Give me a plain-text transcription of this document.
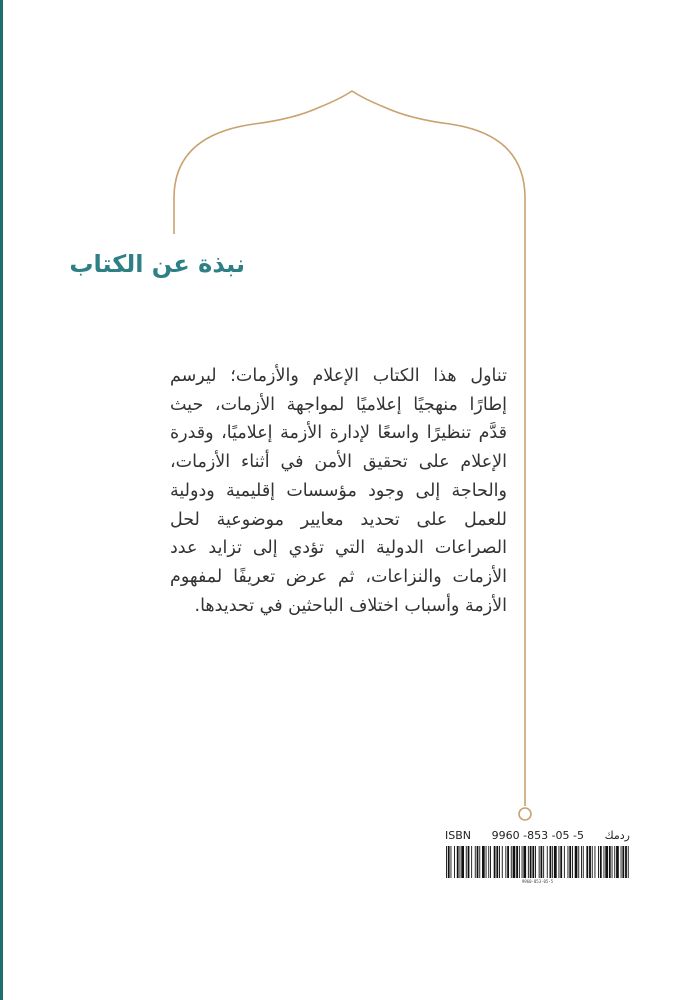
نبذة عن الكتاب
تناول هذا الكتاب الإعلام والأزمات؛ ليرسم إطارًا منهجيًا إعلاميًا لمواجهة الأزمات، حيث قدَّم تنظيرًا واسعًا لإدارة الأزمة إعلاميًا، وقدرة الإعلام على تحقيق الأمن في أثناء الأزمات، والحاجة إلى وجود مؤسسات إقليمية ودولية للعمل على تحديد معايير موضوعية لحل الصراعات الدولية التي تؤدي إلى تزايد عدد الأزمات والنزاعات، ثم عرض تعريفًا لمفهوم الأزمة وأسباب اختلاف الباحثين في تحديدها.
ISBN 9960 -853 -05 -5 ردمك
9960-853-05-5
